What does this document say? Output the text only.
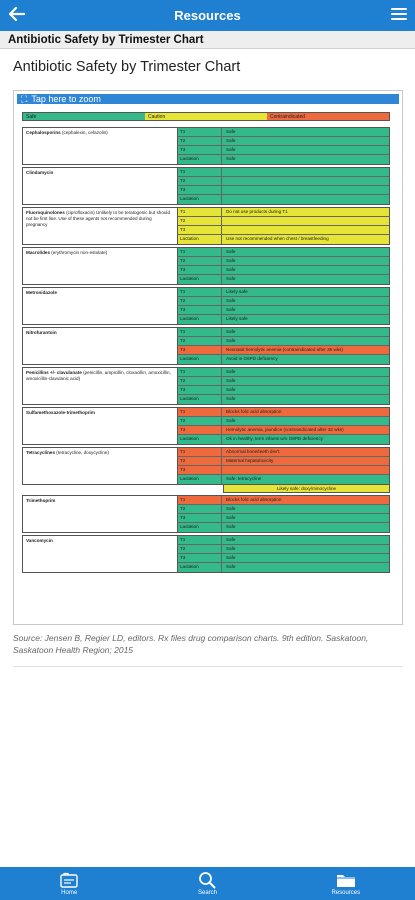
Resources
Antibiotic Safety by Trimester Chart
Antibiotic Safety by Trimester Chart
⛶ Tap here to zoom
Safe	Caution	Contraindicated
Cephalosporins (cephalexin, cefazolin)	T1	Safe
T2	Safe
T3	Safe
Lactation	Safe
Clindamycin	T1
T2
T3
Lactation
Fluoroquinolones (ciprofloxacin) Unlikely to be teratogenic but should not be first line. Use of these agents not recommended during pregnancy
T1	Do not use products during T1
T2
T3
Lactation	Use not recommended when chest / breastfeeding
Macrolides (erythromycin non-estolate)	T1	Safe
T2	Safe
T3	Safe
Lactation	Safe
Metronidazole	T1	Likely safe
T2	Safe
T3	Safe
Lactation	Likely safe
Nitrofurantoin	T1	Safe
T2	Safe
T3	Neonatal hemolytic anemia (contraindicated after 36 wks)
Lactation	Avoid in G6PD deficiency
Penicillins +/- clavulanate (penicillin, ampicillin, cloxacillin, amoxicillin, amoxicillin-clavulanic acid)
T1	Safe
T2	Safe
T3	Safe
Lactation	Safe
Sulfamethoxazole-trimethoprim	T1	Blocks folic acid absorption
T2	Safe
T3	Hemolytic anemia, jaundice (contraindicated after 32 wks)
Lactation	Ok in healthy, term infants w/o G6PD deficiency
Tetracyclines (tetracycline, doxycycline)	T1	Abnormal bone/teeth dev't
T2	Maternal hepatotoxicity
T3
Lactation	Safe: tetracycline
Likely safe: doxy/minocycline
Trimethoprim	T1	Blocks folic acid absorption
T2	Safe
T3	Safe
Lactation	Safe
Vancomycin	T1	Safe
T2	Safe
T3	Safe
Lactation	Safe
Source: Jensen B, Regier LD, editors. Rx files drug comparison charts. 9th edition. Saskatoon, Saskatoon Health Region; 2015
Home	Search	Resources
